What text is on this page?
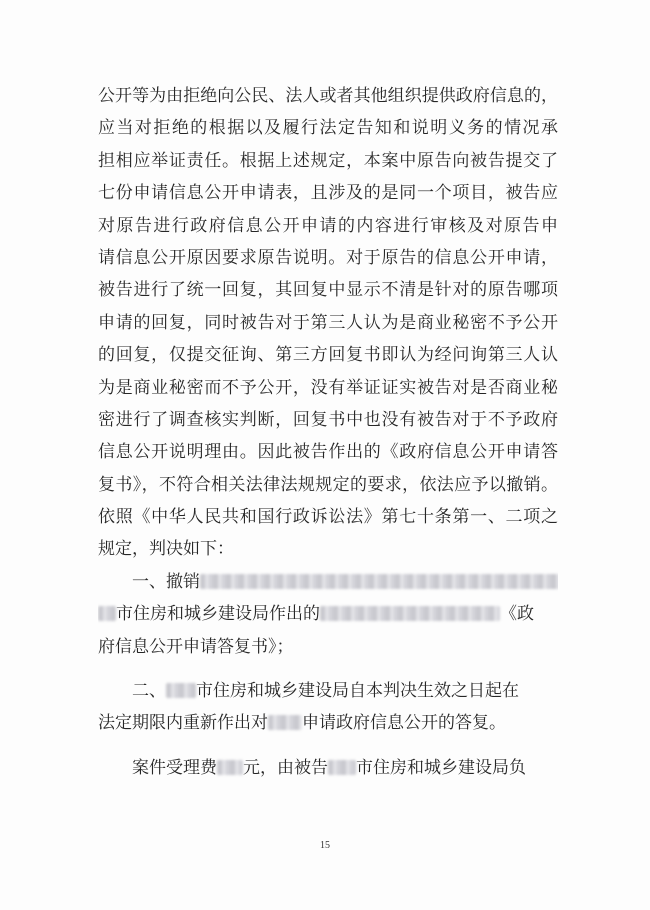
公开等为由拒绝向公民、法人或者其他组织提供政府信息的，
应当对拒绝的根据以及履行法定告知和说明义务的情况承
担相应举证责任。根据上述规定，本案中原告向被告提交了
七份申请信息公开申请表，且涉及的是同一个项目，被告应
对原告进行政府信息公开申请的内容进行审核及对原告申
请信息公开原因要求原告说明。对于原告的信息公开申请，
被告进行了统一回复，其回复中显示不清是针对的原告哪项
申请的回复，同时被告对于第三人认为是商业秘密不予公开
的回复，仅提交征询、第三方回复书即认为经问询第三人认
为是商业秘密而不予公开，没有举证证实被告对是否商业秘
密进行了调查核实判断，回复书中也没有被告对于不予政府
信息公开说明理由。因此被告作出的《政府信息公开申请答
复书》，不符合相关法律法规规定的要求，依法应予以撤销。
依照《中华人民共和国行政诉讼法》第七十条第一、二项之
规定，判决如下：
一、撤销
市住房和城乡建设局作出的	《政
府信息公开申请答复书》；
二、 市住房和城乡建设局自本判决生效之日起在
法定期限内重新作出对 申请政府信息公开的答复。
案件受理费 元，由被告 市住房和城乡建设局负
15
